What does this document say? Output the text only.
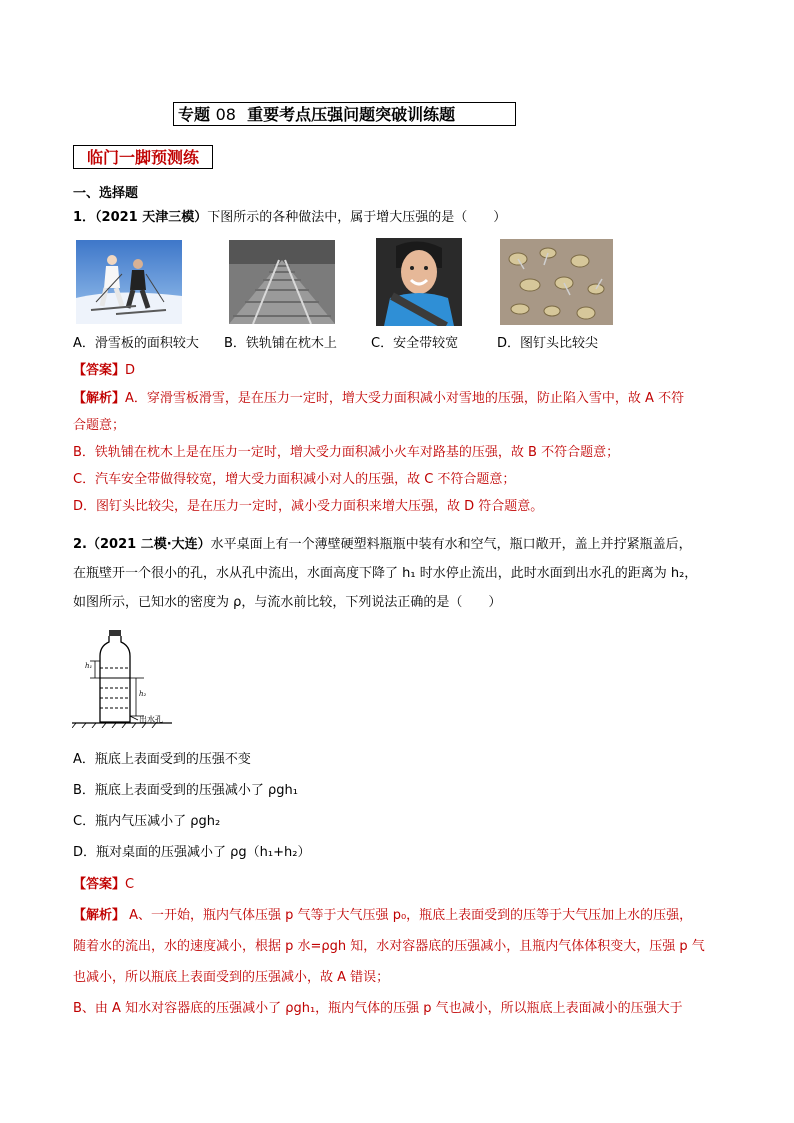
专题 08 重要考点压强问题突破训练题
临门一脚预测练
一、选择题
1．（2021 天津三模）下图所示的各种做法中，属于增大压强的是（　　）
A．滑雪板的面积较大 B．铁轨铺在枕木上	C．安全带较宽	D．图钉头比较尖
【答案】D
【解析】A．穿滑雪板滑雪，是在压力一定时，增大受力面积减小对雪地的压强，防止陷入雪中，故 A 不符
合题意；
B．铁轨铺在枕木上是在压力一定时，增大受力面积减小火车对路基的压强，故 B 不符合题意；
C．汽车安全带做得较宽，增大受力面积减小对人的压强，故 C 不符合题意；
D．图钉头比较尖，是在压力一定时，减小受力面积来增大压强，故 D 符合题意。
2.（2021 二模·大连）水平桌面上有一个薄壁硬塑料瓶瓶中装有水和空气，瓶口敞开，盖上并拧紧瓶盖后，
在瓶壁开一个很小的孔，水从孔中流出，水面高度下降了 h₁ 时水停止流出，此时水面到出水孔的距离为 h₂，
如图所示，已知水的密度为 ρ，与流水前比较，下列说法正确的是（　　）
h₁
h₂
出水孔
A．瓶底上表面受到的压强不变
B．瓶底上表面受到的压强减小了 ρgh₁
C．瓶内气压减小了 ρgh₂
D．瓶对桌面的压强减小了 ρg（h₁+h₂）
【答案】C
【解析】 A、一开始，瓶内气体压强 p 气等于大气压强 p₀，瓶底上表面受到的压等于大气压加上水的压强，
随着水的流出，水的速度减小，根据 p 水=ρgh 知，水对容器底的压强减小，且瓶内气体体积变大，压强 p 气
也减小，所以瓶底上表面受到的压强减小，故 A 错误；
B、由 A 知水对容器底的压强减小了 ρgh₁，瓶内气体的压强 p 气也减小，所以瓶底上表面减小的压强大于
